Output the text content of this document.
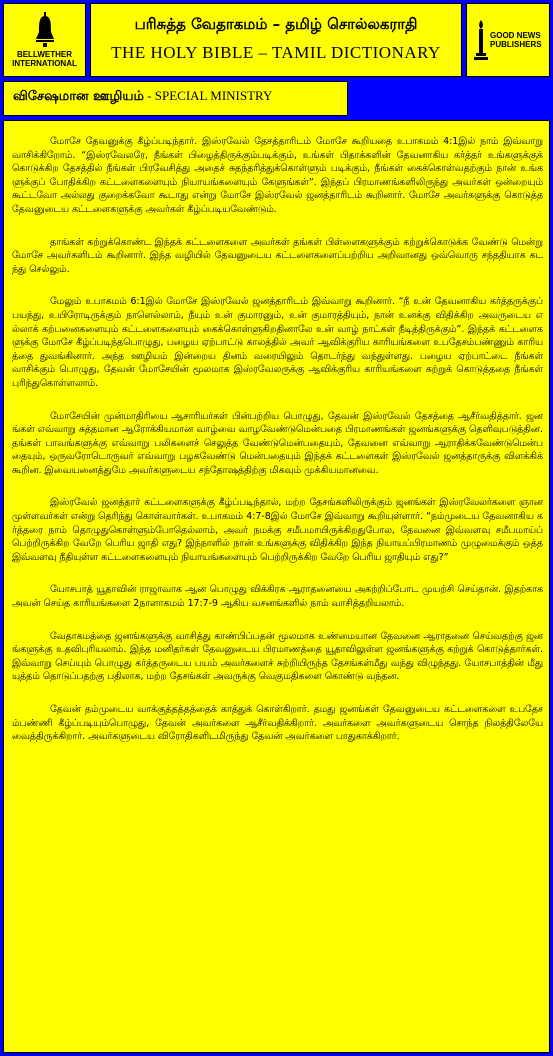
BELLWETHER INTERNATIONAL
பரிசுத்த வேதாகமம் – தமிழ் சொல்லகராதி
THE HOLY BIBLE – TAMIL DICTIONARY
GOOD NEWS PUBLISHERS
விசேஷமான ஊழியம் - SPECIAL MINISTRY

மோசே தேவனுக்கு கீழ்ப்படிந்தார். இஸ்ரவேல் தேசத்தாரிடம் மோசே கூறியதை உபாகமம் 4:1இல் நாம் இவ்வாறு வாசிக்கிறோம். “இஸ்ரவேலரே, நீங்கள் பிழைத்திருக்கும்படிக்கும், உங்கள் பிதாக்களின் தேவனாகிய கர்த்தர் உங்களுக்குக் கொடுக்கிற தேசத்தில் நீங்கள் பிரவேசித்து அதைச் சுதந்தரித்துக்கொள்ளும் படிக்கும், நீங்கள் கைக்கொள்வதற்கும் நான் உங்களுக்குப் போதிக்கிற கட்டளைகளையும் நியாயங்களையும் கேளுங்கள்”. இந்தப் பிரமாணங்களிலிருந்து அவர்கள் ஒன்றையும் கூட்டவோ அல்லது குறைக்கவோ கூடாது என்று மோசே இஸ்ரவேல் ஜனத்தாரிடம் கூறினார். மோசே அவர்களுக்கு கொடுத்த தேவனுடைய கட்டளைகளுக்கு அவர்கள் கீழ்ப்படியவேண்டும்.

தாங்கள் கற்றுக்கொண்ட இந்தக் கட்டளைகளை அவர்கள் தங்கள் பிள்ளைகளுக்கும் கற்றுக்கொடுக்க வேண்டு மென்று மோசே அவர்களிடம் கூறினார். இந்த வழியில் தேவனுடைய கட்டளைகளைப்பற்றிய அறிவானது ஒவ்வொரு சந்ததியாக கடந்து செல்லும்.

மேலும் உபாகமம் 6:1இல் மோசே இஸ்ரவேல் ஜனத்தாரிடம் இவ்வாறு கூறினார். “நீ உன் தேவனாகிய கர்த்தருக்குப் பயந்து, உயிரோடிருக்கும் நாளெல்லாம், நீயும் உன் குமாரனும், உன் குமாரத்தியும், நான் உனக்கு விதிக்கிற அவருடைய எல்லாக் கற்பனைகளையும் கட்டளைகளையும் கைக்கொள்ளுகிறதினாலே உன் வாழ் நாட்கள் நீடித்திருக்கும்”. இந்தக் கட்டளைகளுக்கு மோசே கீழ்ப்படிந்தபொழுது, பழைய ஏற்பாட்டு காலத்தில் அவர் ஆவிக்குரிய காரியங்களை உபதேசம்பண்ணும் காரியத்தை துவங்கினார். அந்த ஊழியம் இன்றைய தினம் வரையிலும் தொடர்ந்து வந்துள்ளது. பழைய ஏற்பாட்டை நீங்கள் வாசிக்கும் பொழுது, தேவன் மோசேயின் மூலமாக இஸ்ரவேலருக்கு ஆவிக்குரிய காரியங்களை கற்றுக் கொடுத்ததை நீங்கள் புரிந்துகொள்ளலாம்.

மோசேயின் முன்மாதிரியை ஆசாரியர்கள் பின்பற்றிய பொழுது, தேவன் இஸ்ரவேல் தேசத்தை ஆசீர்வதித்தார். ஜனங்கள் எவ்வாறு சுத்தமான ஆரோக்கியமான வாழ்வை வாழவேண்டுமென்பதை பிரமாணங்கள் ஜனங்களுக்கு தெளிவுபடுத்தின. தங்கள் பாவங்களுக்கு எவ்வாறு பலிகளைச் செலுத்த வேண்டுமென்பதையும், தேவனை எவ்வாறு ஆராதிக்கவேண்டுமென்பதையும், ஒருவரோடொருவர் எவ்வாறு பழகவேண்டு மென்பதையும் இந்தக் கட்டளைகள் இஸ்ரவேல் ஜனத்தாருக்கு விளக்கிக் கூறின. இவையனைத்துமே அவர்களுடைய சந்தோஷத்திற்கு மிகவும் முக்கியமானவை.

இஸ்ரவேல் ஜனத்தார் கட்டளைகளுக்கு கீழ்ப்படிந்தால், மற்ற தேசங்களிலிருக்கும் ஜனங்கள் இஸ்ரவேலர்களை ஞானமுள்ளவர்கள் என்று தெரிந்து கொள்வார்கள். உபாகமம் 4:7-8இல் மோசே இவ்வாறு கூறியுள்ளார். “நம்முடைய தேவனாகிய கர்த்தரை நாம் தொழுதுகொள்ளும்போதெல்லாம், அவர் நமக்கு சமீபமாயிருக்கிறதுபோல, தேவனை இவ்வளவு சமீபமாய்ப் பெற்றிருக்கிற வேறே பெரிய ஜாதி எது? இந்நாளில் நான் உங்களுக்கு விதிக்கிற இந்த நியாயப்பிரமாணம் முழுமைக்கும் ஒத்த இவ்வளவு நீதியுள்ள கட்டளைகளையும் நியாயங்களையும் பெற்றிருக்கிற வேறே பெரிய ஜாதியும் எது?”

யோசபாத் யூதாவின் ராஜாவாக ஆன பொழுது விக்கிரக ஆராதனையை அகற்றிப்போட முயற்சி செய்தான். இதற்காக அவன் செய்த காரியங்களை 2நாளாகமம் 17:7-9 ஆகிய வசனங்களில் நாம் வாசித்தறியலாம்.

வேதாகமத்தை ஜனங்களுக்கு வாசித்து காண்பிப்பதன் மூலமாக உண்மையான தேவனை ஆராதனை செய்வதற்கு ஜனங்களுக்கு உதவிபுரியலாம். இந்த மனிதர்கள் தேவனுடைய பிரமாணத்தை யூதாவிலுள்ள ஜனங்களுக்கு கற்றுக் கொடுத்தார்கள். இவ்வாறு செய்யும் பொழுது கர்த்தருடைய பயம் அவர்களைச் சுற்றியிருந்த தேசங்கள்மீது வந்து விழுந்தது. யோசபாத்தின் மீது யுத்தம் தொடுப்பதற்கு பதிலாக, மற்ற தேசங்கள் அவருக்கு வெகுமதிகளை கொண்டு வந்தன.

தேவன் தம்முடைய வாக்குத்தத்தத்தைக் காத்துக் கொள்கிறார். தமது ஜனங்கள் தேவனுடைய கட்டளைகளை உபதேசம்பண்ணி கீழ்ப்படியும்பொழுது, தேவன் அவர்களை ஆசீர்வதிக்கிறார். அவர்களை அவர்களுடைய சொந்த நிலத்திலேயே வைத்திருக்கிறார். அவர்களுடைய விரோதிகளிடமிருந்து தேவன் அவர்களை பாதுகாக்கிறார்.
